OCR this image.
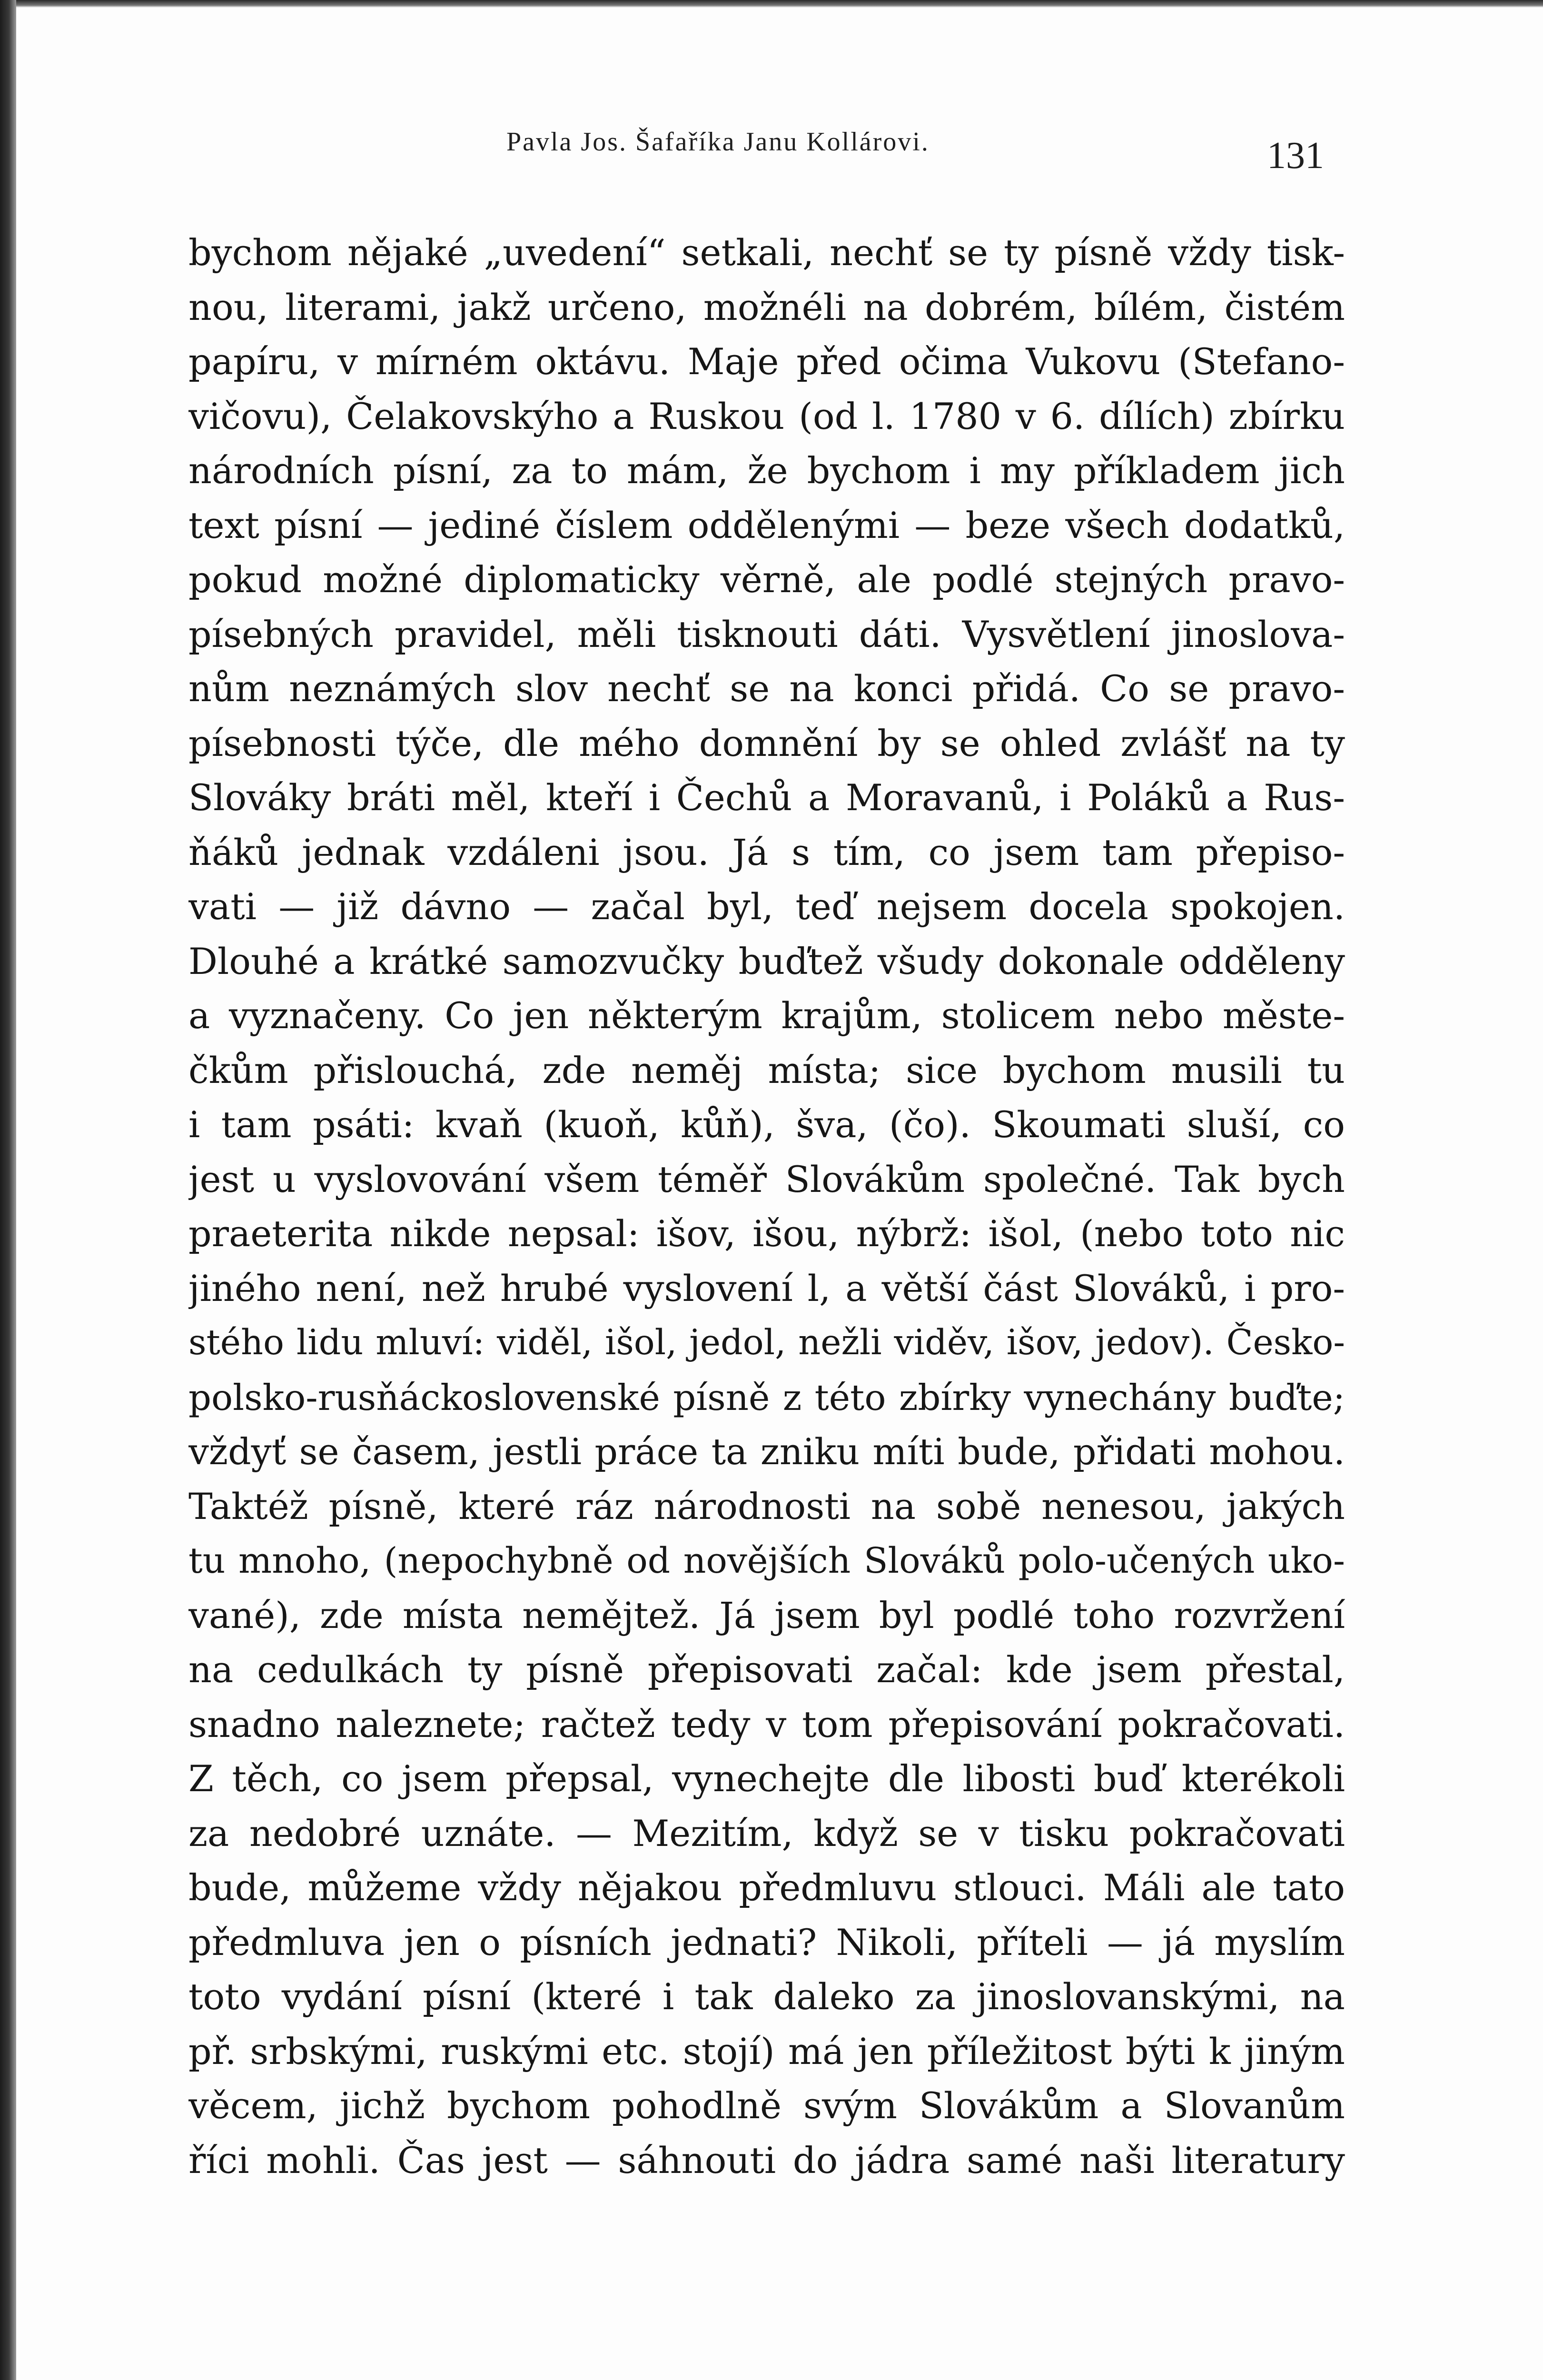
Pavla Jos. Šafaříka Janu Kollárovi.	131
bychom nějaké „uvedení“ setkali, nechť se ty písně vždy tisk-
nou, literami, jakž určeno, možnéli na dobrém, bílém, čistém
papíru, v mírném oktávu. Maje před očima Vukovu (Stefano-
vičovu), Čelakovskýho a Ruskou (od l. 1780 v 6. dílích) zbírku
národních písní, za to mám, že bychom i my příkladem jich
text písní — jediné číslem oddělenými — beze všech dodatků,
pokud možné diplomaticky věrně, ale podlé stejných pravo-
písebných pravidel, měli tisknouti dáti. Vysvětlení jinoslova-
nům neznámých slov nechť se na konci přidá. Co se pravo-
písebnosti týče, dle mého domnění by se ohled zvlášť na ty
Slováky bráti měl, kteří i Čechů a Moravanů, i Poláků a Rus-
ňáků jednak vzdáleni jsou. Já s tím, co jsem tam přepiso-
vati — již dávno — začal byl, teď nejsem docela spokojen.
Dlouhé a krátké samozvučky buďtež všudy dokonale odděleny
a vyznačeny. Co jen některým krajům, stolicem nebo měste-
čkům přislouchá, zde neměj místa; sice bychom musili tu
i tam psáti: kvaň (kuoň, kůň), šva, (čo). Skoumati sluší, co
jest u vyslovování všem téměř Slovákům společné. Tak bych
praeterita nikde nepsal: išov, išou, nýbrž: išol, (nebo toto nic
jiného není, než hrubé vyslovení l, a větší část Slováků, i pro-
stého lidu mluví: viděl, išol, jedol, nežli viděv, išov, jedov). Česko-
polsko-rusňáckoslovenské písně z této zbírky vynechány buďte;
vždyť se časem, jestli práce ta zniku míti bude, přidati mohou.
Taktéž písně, které ráz národnosti na sobě nenesou, jakých
tu mnoho, (nepochybně od novějších Slováků polo-učených uko-
vané), zde místa nemějtež. Já jsem byl podlé toho rozvržení
na cedulkách ty písně přepisovati začal: kde jsem přestal,
snadno naleznete; račtež tedy v tom přepisování pokračovati.
Z těch, co jsem přepsal, vynechejte dle libosti buď kterékoli
za nedobré uznáte. — Mezitím, když se v tisku pokračovati
bude, můžeme vždy nějakou předmluvu stlouci. Máli ale tato
předmluva jen o písních jednati? Nikoli, příteli — já myslím
toto vydání písní (které i tak daleko za jinoslovanskými, na
př. srbskými, ruskými etc. stojí) má jen příležitost býti k jiným
věcem, jichž bychom pohodlně svým Slovákům a Slovanům
říci mohli. Čas jest — sáhnouti do jádra samé naši literatury
